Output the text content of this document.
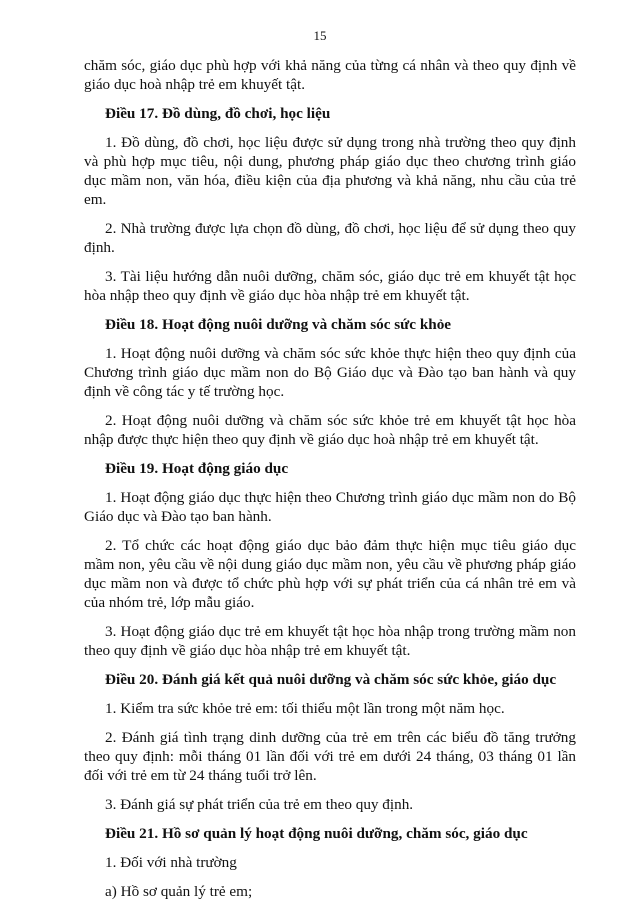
15

chăm sóc, giáo dục phù hợp với khả năng của từng cá nhân và theo quy định về giáo dục hoà nhập trẻ em khuyết tật.

Điều 17. Đồ dùng, đồ chơi, học liệu

1. Đồ dùng, đồ chơi, học liệu được sử dụng trong nhà trường theo quy định và phù hợp mục tiêu, nội dung, phương pháp giáo dục theo chương trình giáo dục mầm non, văn hóa, điều kiện của địa phương và khả năng, nhu cầu của trẻ em.

2. Nhà trường được lựa chọn đồ dùng, đồ chơi, học liệu để sử dụng theo quy định.

3. Tài liệu hướng dẫn nuôi dưỡng, chăm sóc, giáo dục trẻ em khuyết tật học hòa nhập theo quy định về giáo dục hòa nhập trẻ em khuyết tật.

Điều 18. Hoạt động nuôi dưỡng và chăm sóc sức khỏe

1. Hoạt động nuôi dưỡng và chăm sóc sức khỏe thực hiện theo quy định của Chương trình giáo dục mầm non do Bộ Giáo dục và Đào tạo ban hành và quy định về công tác y tế trường học.

2. Hoạt động nuôi dưỡng và chăm sóc sức khỏe trẻ em khuyết tật học hòa nhập được thực hiện theo quy định về giáo dục hoà nhập trẻ em khuyết tật.

Điều 19. Hoạt động giáo dục

1. Hoạt động giáo dục thực hiện theo Chương trình giáo dục mầm non do Bộ Giáo dục và Đào tạo ban hành.

2. Tổ chức các hoạt động giáo dục bảo đảm thực hiện mục tiêu giáo dục mầm non, yêu cầu về nội dung giáo dục mầm non, yêu cầu về phương pháp giáo dục mầm non và được tổ chức phù hợp với sự phát triển của cá nhân trẻ em và của nhóm trẻ, lớp mẫu giáo.

3. Hoạt động giáo dục trẻ em khuyết tật học hòa nhập trong trường mầm non theo quy định về giáo dục hòa nhập trẻ em khuyết tật.

Điều 20. Đánh giá kết quả nuôi dưỡng và chăm sóc sức khỏe, giáo dục

1. Kiểm tra sức khỏe trẻ em: tối thiểu một lần trong một năm học.

2. Đánh giá tình trạng dinh dưỡng của trẻ em trên các biểu đồ tăng trưởng theo quy định: mỗi tháng 01 lần đối với trẻ em dưới 24 tháng, 03 tháng 01 lần đối với trẻ em từ 24 tháng tuổi trở lên.

3. Đánh giá sự phát triển của trẻ em theo quy định.

Điều 21. Hồ sơ quản lý hoạt động nuôi dưỡng, chăm sóc, giáo dục

1. Đối với nhà trường

a) Hồ sơ quản lý trẻ em;
